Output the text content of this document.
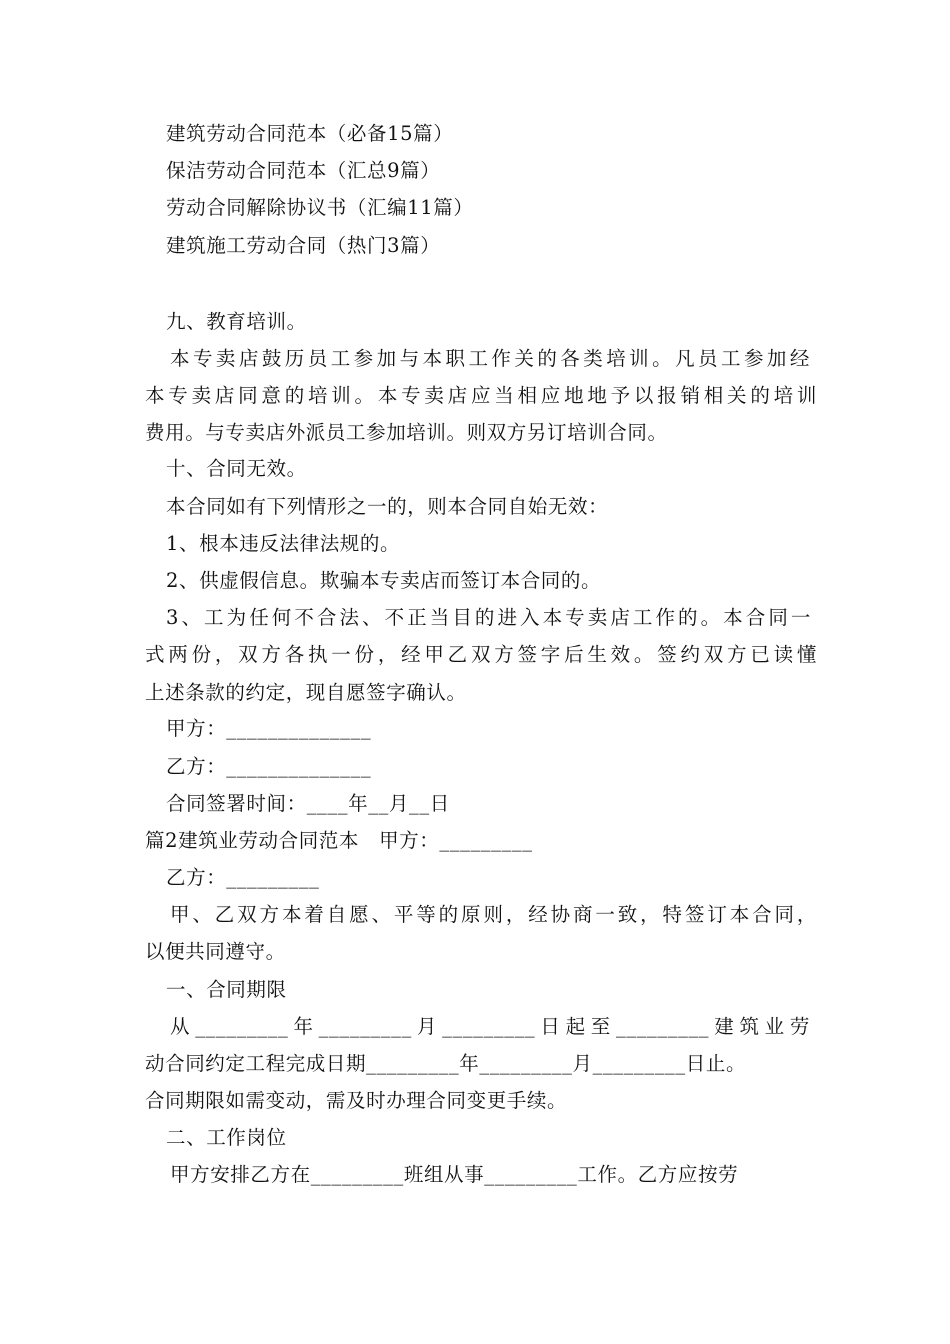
建筑劳动合同范本（必备15篇）
保洁劳动合同范本（汇总9篇）
劳动合同解除协议书（汇编11篇）
建筑施工劳动合同（热门3篇）
九、教育培训。
本专卖店鼓历员工参加与本职工作关的各类培训。凡员工参加经
本专卖店同意的培训。本专卖店应当相应地地予以报销相关的培训
费用。与专卖店外派员工参加培训。则双方另订培训合同。
十、合同无效。
本合同如有下列情形之一的，则本合同自始无效：
1、根本违反法律法规的。
2、供虚假信息。欺骗本专卖店而签订本合同的。
3、工为任何不合法、不正当目的进入本专卖店工作的。本合同一
式两份，双方各执一份，经甲乙双方签字后生效。签约双方已读懂
上述条款的约定，现自愿签字确认。
甲方：______________
乙方：______________
合同签署时间：____年__月__日
篇2建筑业劳动合同范本　甲方：_________
乙方：_________
甲、乙双方本着自愿、平等的原则，经协商一致，特签订本合同，
以便共同遵守。
一、合同期限
从_________年_________月_________日起至_________建筑业劳
动合同约定工程完成日期_________年_________月_________日止。
合同期限如需变动，需及时办理合同变更手续。
二、工作岗位
甲方安排乙方在_________班组从事_________工作。乙方应按劳
